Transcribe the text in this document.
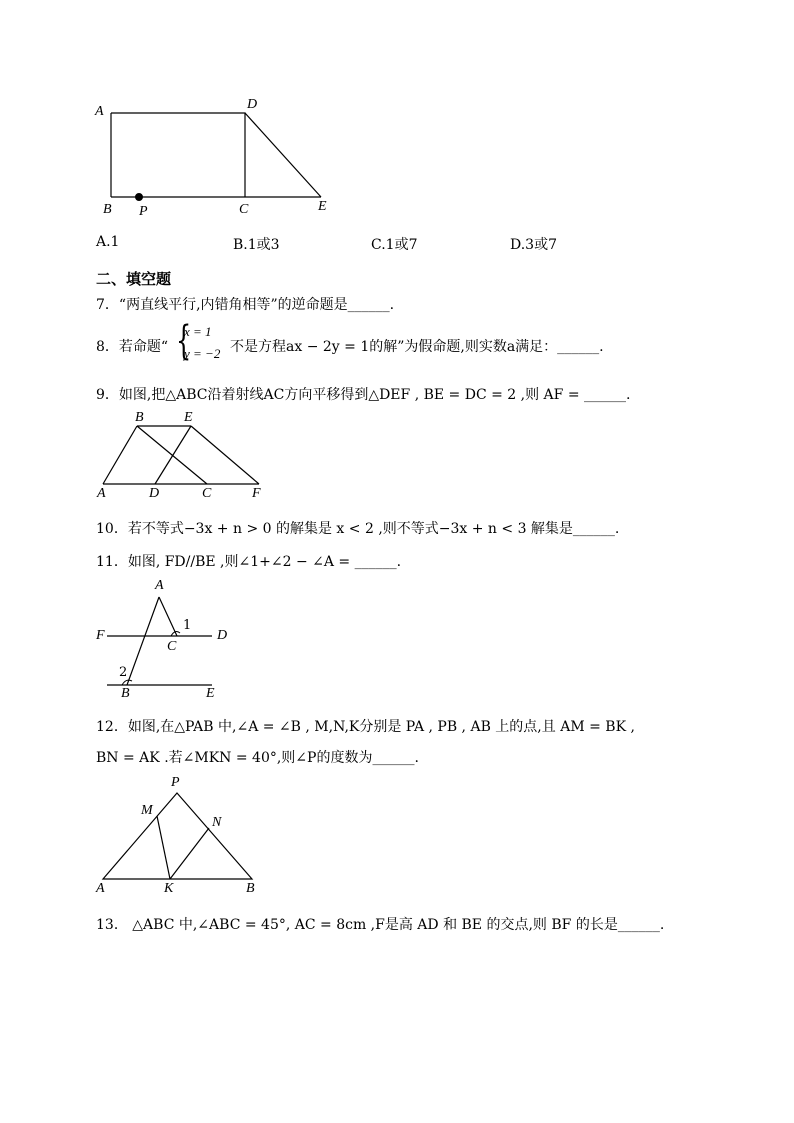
A	D
B P	C	E
A.1	B.1或3	C.1或7	D.3或7
二、填空题
7．“两直线平行,内错角相等”的逆命题是______.
8．若命题“ {
x = 1
y = −2 不是方程ax − 2y = 1的解”为假命题,则实数a满足：______.
9．如图,把△ABC沿着射线AC方向平移得到△DEF , BE = DC = 2 ,则 AF = ______.
B	E
A	D	C	F
10．若不等式−3x + n > 0 的解集是 x < 2 ,则不等式−3x + n < 3 解集是______.
11．如图, FD//BE ,则∠1+∠2 − ∠A = ______.
A
1
F
C
D
2
B	E
12．如图,在△PAB 中,∠A = ∠B , M,N,K分别是 PA , PB , AB 上的点,且 AM = BK ,
BN = AK .若∠MKN = 40°,则∠P的度数为______.
P
M
N
A	K	B
13． △ABC 中,∠ABC = 45°, AC = 8cm ,F是高 AD 和 BE 的交点,则 BF 的长是______.
